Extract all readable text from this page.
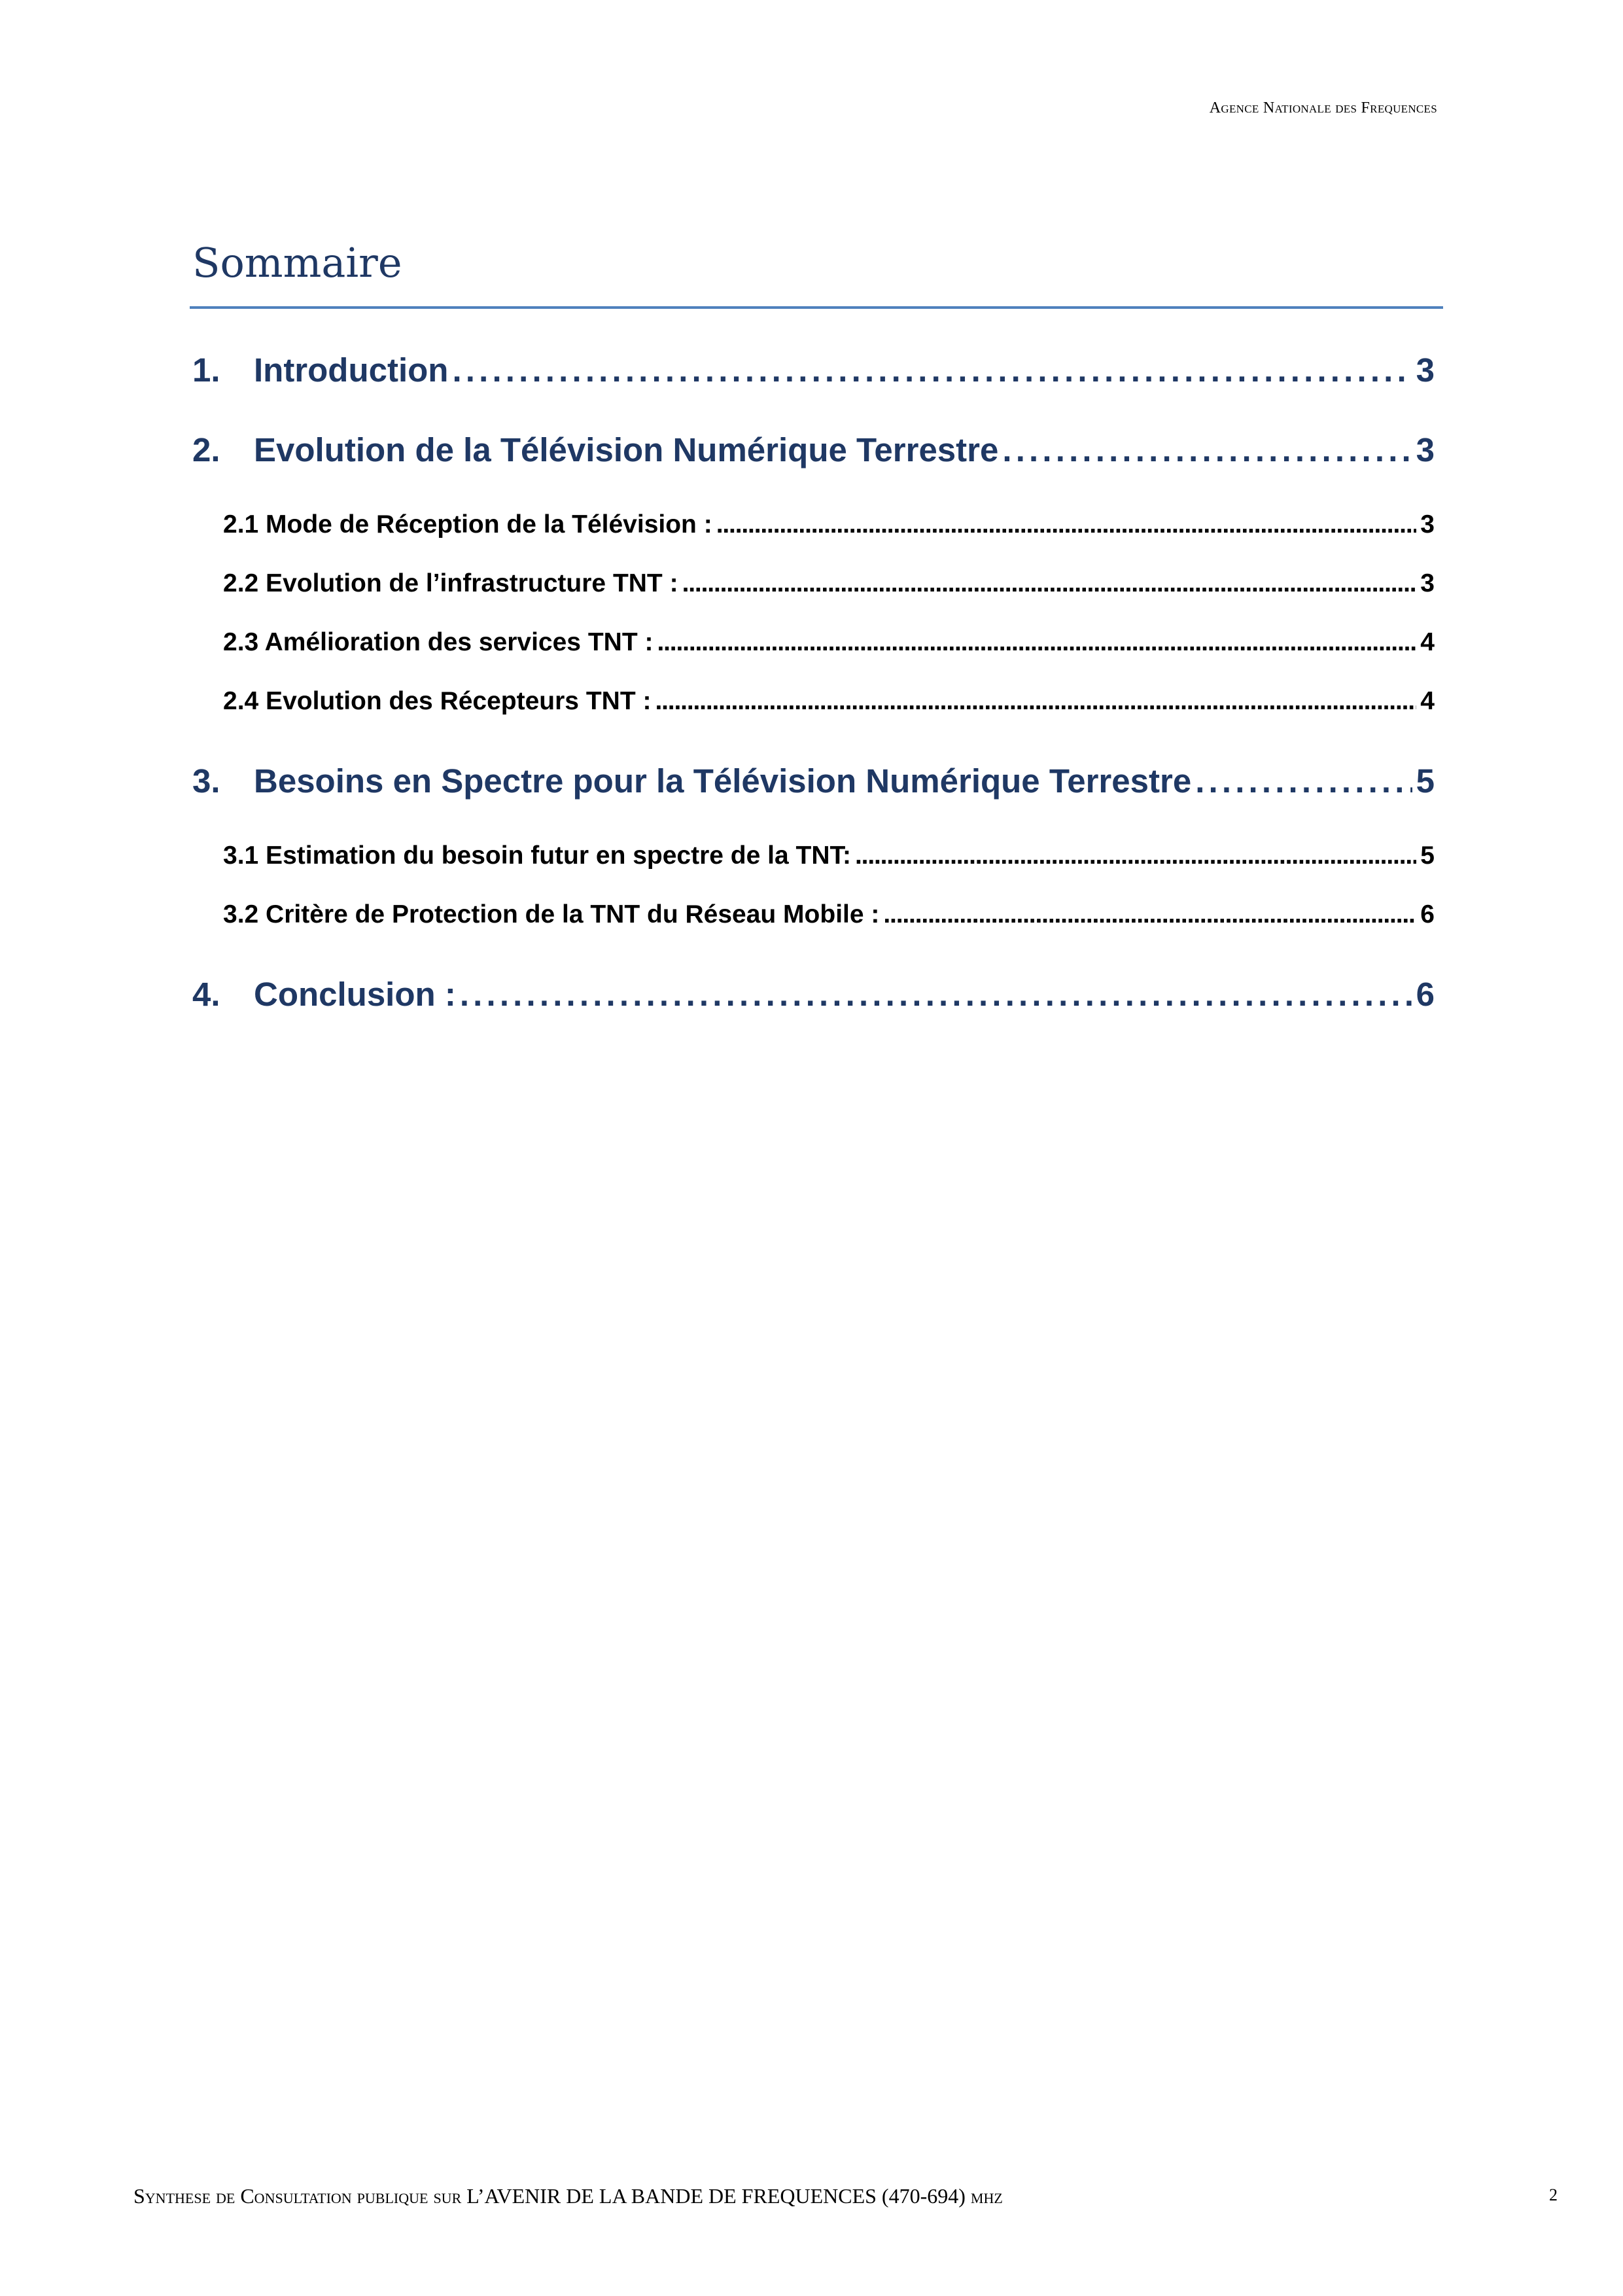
Agence Nationale des Frequences
Sommaire
1.	Introduction . . .	3
2.	Evolution de la Télévision Numérique Terrestre . . .	3
2.1 Mode de Réception de la Télévision : . . .	3
2.2 Evolution de l’infrastructure TNT : . . .	3
2.3 Amélioration des services TNT : . . .	4
2.4 Evolution des Récepteurs TNT : . . .	4
3.	Besoins en Spectre pour la Télévision Numérique Terrestre . . .	5
3.1 Estimation du besoin futur en spectre de la TNT: . . .	5
3.2 Critère de Protection de la TNT du Réseau Mobile : . . .	6
4.	Conclusion : . . .	6
Synthese de Consultation publique sur L’AVENIR DE LA BANDE DE FREQUENCES (470-694) mhz	2
